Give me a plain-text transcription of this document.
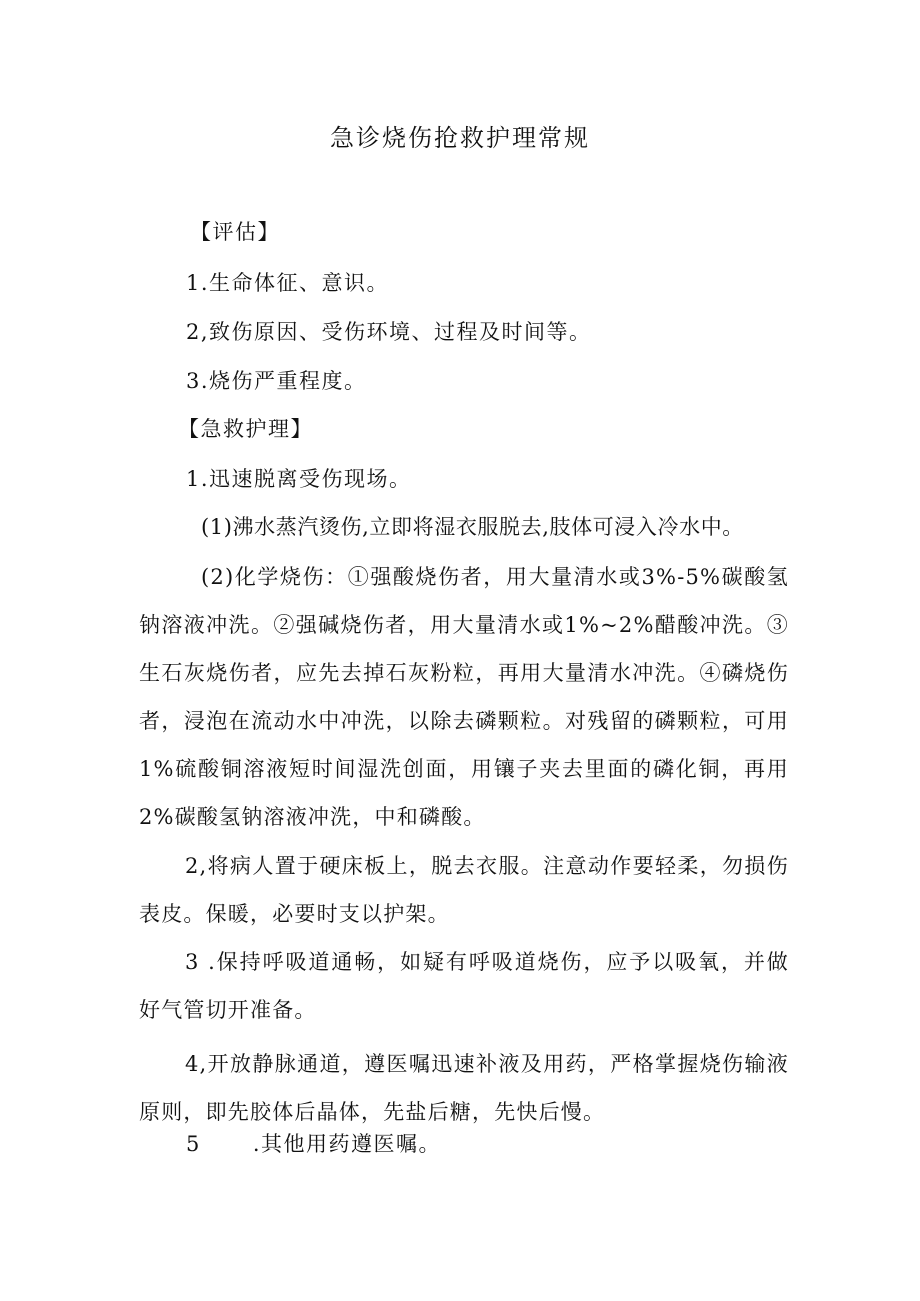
急诊烧伤抢救护理常规
【评估】
1.生命体征、意识。
2,致伤原因、受伤环境、过程及时间等。
3.烧伤严重程度。
【急救护理】
1.迅速脱离受伤现场。
(1)沸水蒸汽烫伤,立即将湿衣服脱去,肢体可浸入冷水中。
(2)化学烧伤：①强酸烧伤者，用大量清水或3%-5%碳酸氢钠溶液冲洗。②强碱烧伤者，用大量清水或1%~2%醋酸冲洗。③生石灰烧伤者，应先去掉石灰粉粒，再用大量清水冲洗。④磷烧伤者，浸泡在流动水中冲洗，以除去磷颗粒。对残留的磷颗粒，可用1%硫酸铜溶液短时间湿洗创面，用镶子夹去里面的磷化铜，再用2%碳酸氢钠溶液冲洗，中和磷酸。
2,将病人置于硬床板上，脱去衣服。注意动作要轻柔，勿损伤表皮。保暖，必要时支以护架。
3 .保持呼吸道通畅，如疑有呼吸道烧伤，应予以吸氧，并做好气管切开准备。
4,开放静脉通道，遵医嘱迅速补液及用药，严格掌握烧伤输液原则，即先胶体后晶体，先盐后糖，先快后慢。
5 .其他用药遵医嘱。
